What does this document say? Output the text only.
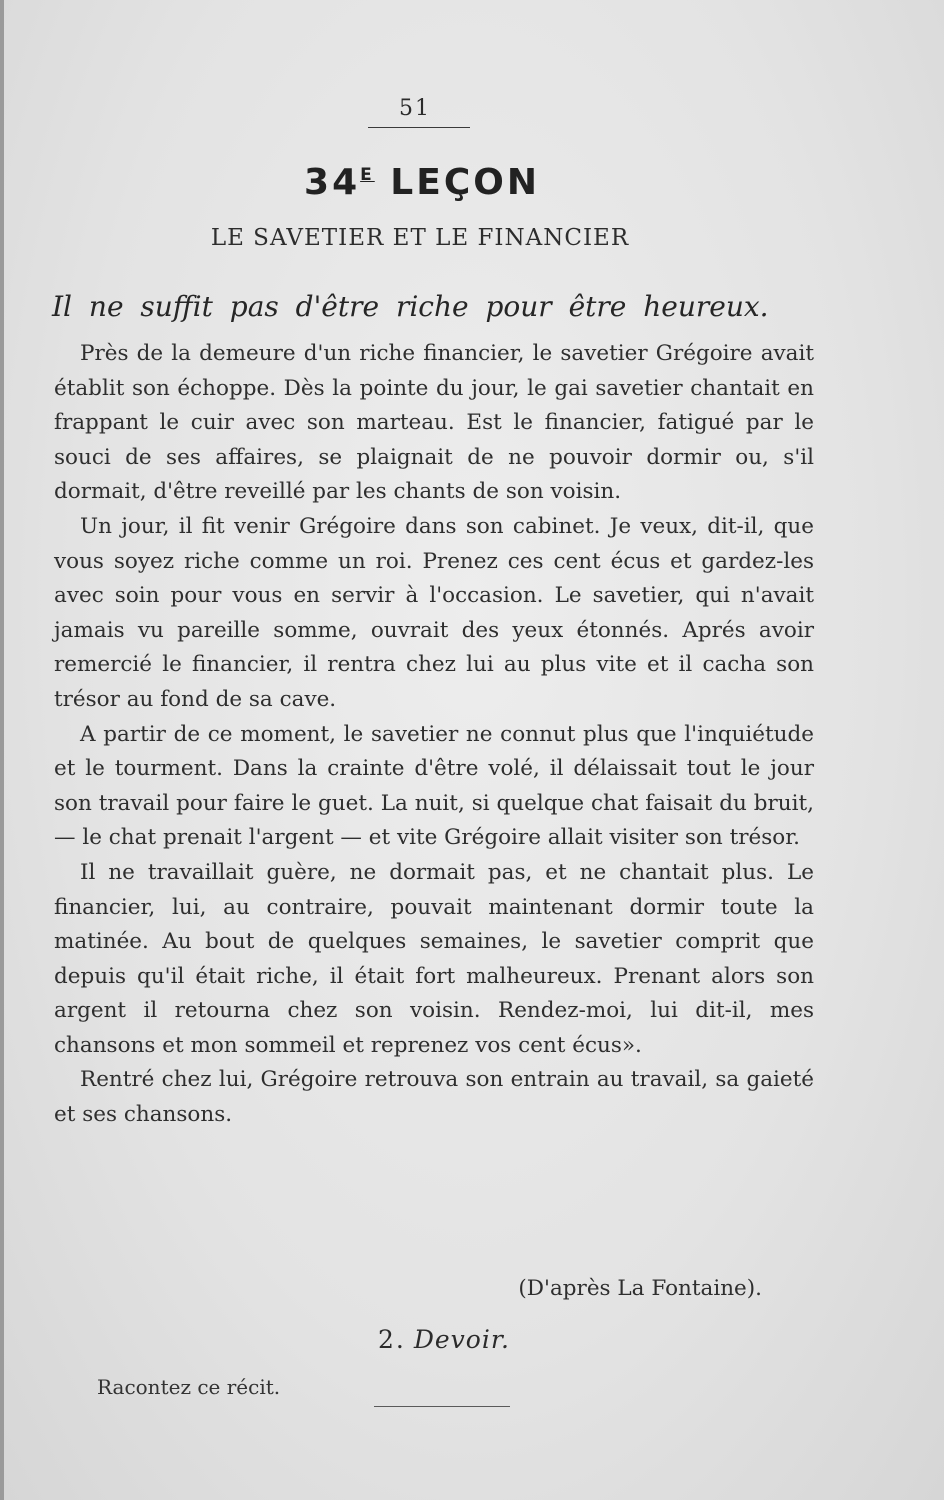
51
$34^E$ LEÇON
LE SAVETIER ET LE FINANCIER
Il ne suffit pas d'être riche pour être heureux.

Près de la demeure d'un riche financier, le savetier Grégoire avait établit son échoppe. Dès la pointe du jour, le gai savetier chantait en frappant le cuir avec son marteau. Est le financier, fatigué par le souci de ses affaires, se plaignait de ne pouvoir dormir ou, s'il dormait, d'être reveillé par les chants de son voisin.

Un jour, il fit venir Grégoire dans son cabinet. Je veux, dit-il, que vous soyez riche comme un roi. Prenez ces cent écus et gardez-les avec soin pour vous en servir à l'occasion. Le savetier, qui n'avait jamais vu pareille somme, ouvrait des yeux étonnés. Aprés avoir remercié le financier, il rentra chez lui au plus vite et il cacha son trésor au fond de sa cave.

A partir de ce moment, le savetier ne connut plus que l'inquiétude et le tourment. Dans la crainte d'être volé, il délaissait tout le jour son travail pour faire le guet. La nuit, si quelque chat faisait du bruit, — le chat prenait l'argent — et vite Grégoire allait visiter son trésor.

Il ne travaillait guère, ne dormait pas, et ne chantait plus. Le financier, lui, au contraire, pouvait maintenant dormir toute la matinée. Au bout de quelques semaines, le savetier comprit que depuis qu'il était riche, il était fort malheureux. Prenant alors son argent il retourna chez son voisin. Rendez-moi, lui dit-il, mes chansons et mon sommeil et reprenez vos cent écus».

Rentré chez lui, Grégoire retrouva son entrain au travail, sa gaieté et ses chansons.

(D'après La Fontaine).
2. Devoir.
Racontez ce récit.
